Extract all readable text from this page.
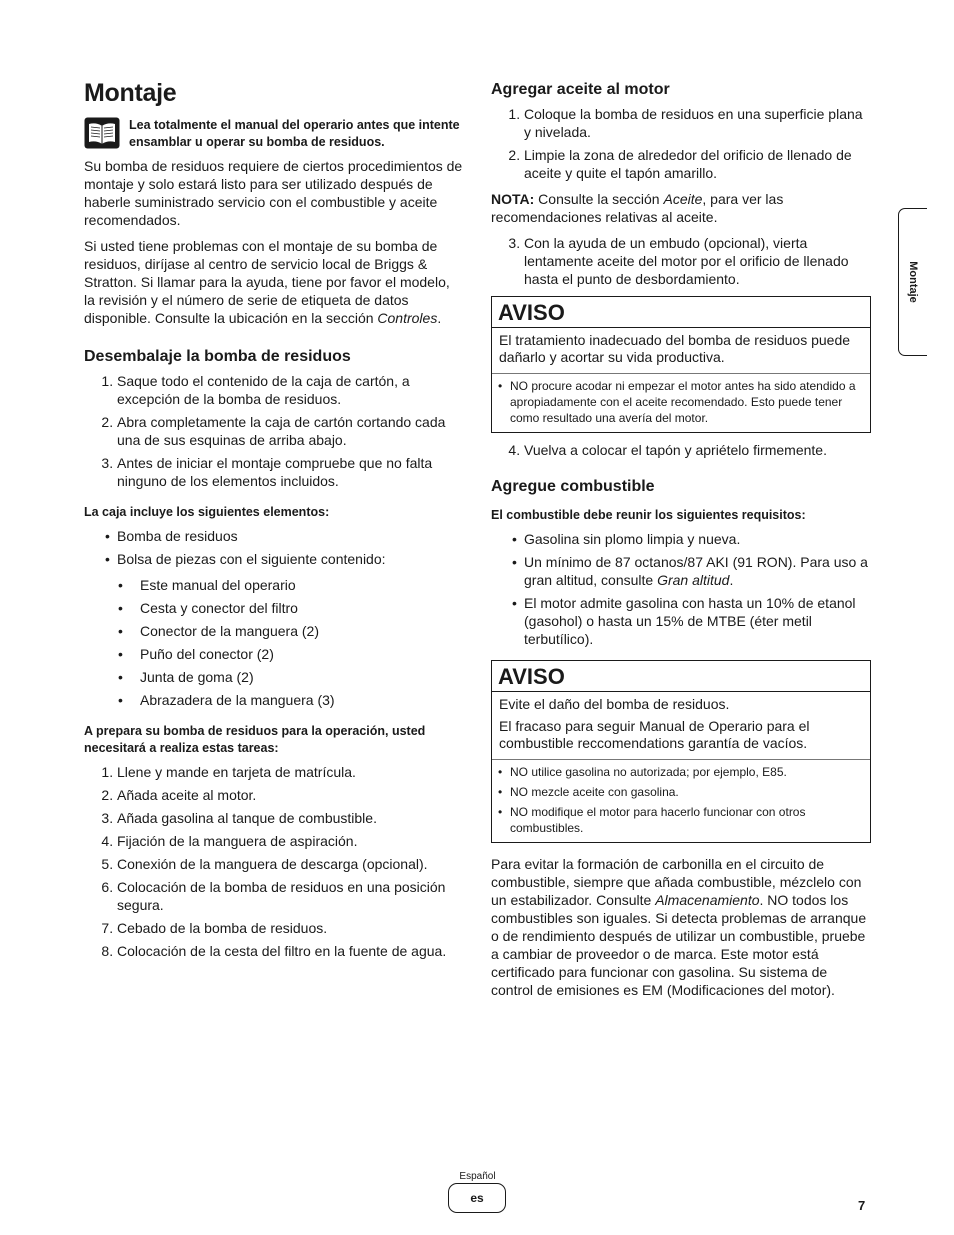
Montaje

Lea totalmente el manual del operario antes que intente ensamblar u operar su bomba de residuos.

Su bomba de residuos requiere de ciertos procedimientos de montaje y solo estará listo para ser utilizado después de haberle suministrado servicio con el combustible y aceite recomendados.

Si usted tiene problemas con el montaje de su bomba de residuos, diríjase al centro de servicio local de Briggs & Stratton. Si llamar para la ayuda, tiene por favor el modelo, la revisión y el número de serie de etiqueta de datos disponible. Consulte la ubicación en la sección Controles.

Desembalaje la bomba de residuos
1. Saque todo el contenido de la caja de cartón, a excepción de la bomba de residuos.
2. Abra completamente la caja de cartón cortando cada una de sus esquinas de arriba abajo.
3. Antes de iniciar el montaje compruebe que no falta ninguno de los elementos incluidos.
La caja incluye los siguientes elementos:
• Bomba de residuos
• Bolsa de piezas con el siguiente contenido:
• Este manual del operario
• Cesta y conector del filtro
• Conector de la manguera (2)
• Puño del conector (2)
• Junta de goma (2)
• Abrazadera de la manguera (3)
A prepara su bomba de residuos para la operación, usted necesitará a realiza estas tareas:
1. Llene y mande en tarjeta de matrícula.
2. Añada aceite al motor.
3. Añada gasolina al tanque de combustible.
4. Fijación de la manguera de aspiración.
5. Conexión de la manguera de descarga (opcional).
6. Colocación de la bomba de residuos en una posición segura.
7. Cebado de la bomba de residuos.
8. Colocación de la cesta del filtro en la fuente de agua.
Agregar aceite al motor
1. Coloque la bomba de residuos en una superficie plana y nivelada.
2. Limpie la zona de alrededor del orificio de llenado de aceite y quite el tapón amarillo.

NOTA: Consulte la sección Aceite, para ver las recomendaciones relativas al aceite.

3. Con la ayuda de un embudo (opcional), vierta lentamente aceite del motor por el orificio de llenado hasta el punto de desbordamiento.
AVISO

El tratamiento inadecuado del bomba de residuos puede dañarlo y acortar su vida productiva.

• NO procure acodar ni empezar el motor antes ha sido atendido a apropiadamente con el aceite recomendado. Esto puede tener como resultado una avería del motor.
4. Vuelva a colocar el tapón y apriételo firmemente.
Agregue combustible
El combustible debe reunir los siguientes requisitos:
• Gasolina sin plomo limpia y nueva.
• Un mínimo de 87 octanos/87 AKI (91 RON). Para uso a gran altitud, consulte Gran altitud.
• El motor admite gasolina con hasta un 10% de etanol (gasohol) o hasta un 15% de MTBE (éter metil terbutílico).
AVISO

Evite el daño del bomba de residuos.

El fracaso para seguir Manual de Operario para el combustible reccomendations garantía de vacíos.

• NO utilice gasolina no autorizada; por ejemplo, E85.
• NO mezcle aceite con gasolina.
• NO modifique el motor para hacerlo funcionar con otros combustibles.

Para evitar la formación de carbonilla en el circuito de combustible, siempre que añada combustible, mézclelo con un estabilizador. Consulte Almacenamiento. NO todos los combustibles son iguales. Si detecta problemas de arranque o de rendimiento después de utilizar un combustible, pruebe a cambiar de proveedor o de marca. Este motor está certificado para funcionar con gasolina. Su sistema de control de emisiones es EM (Modificaciones del motor).

Montaje
Español
es	7
